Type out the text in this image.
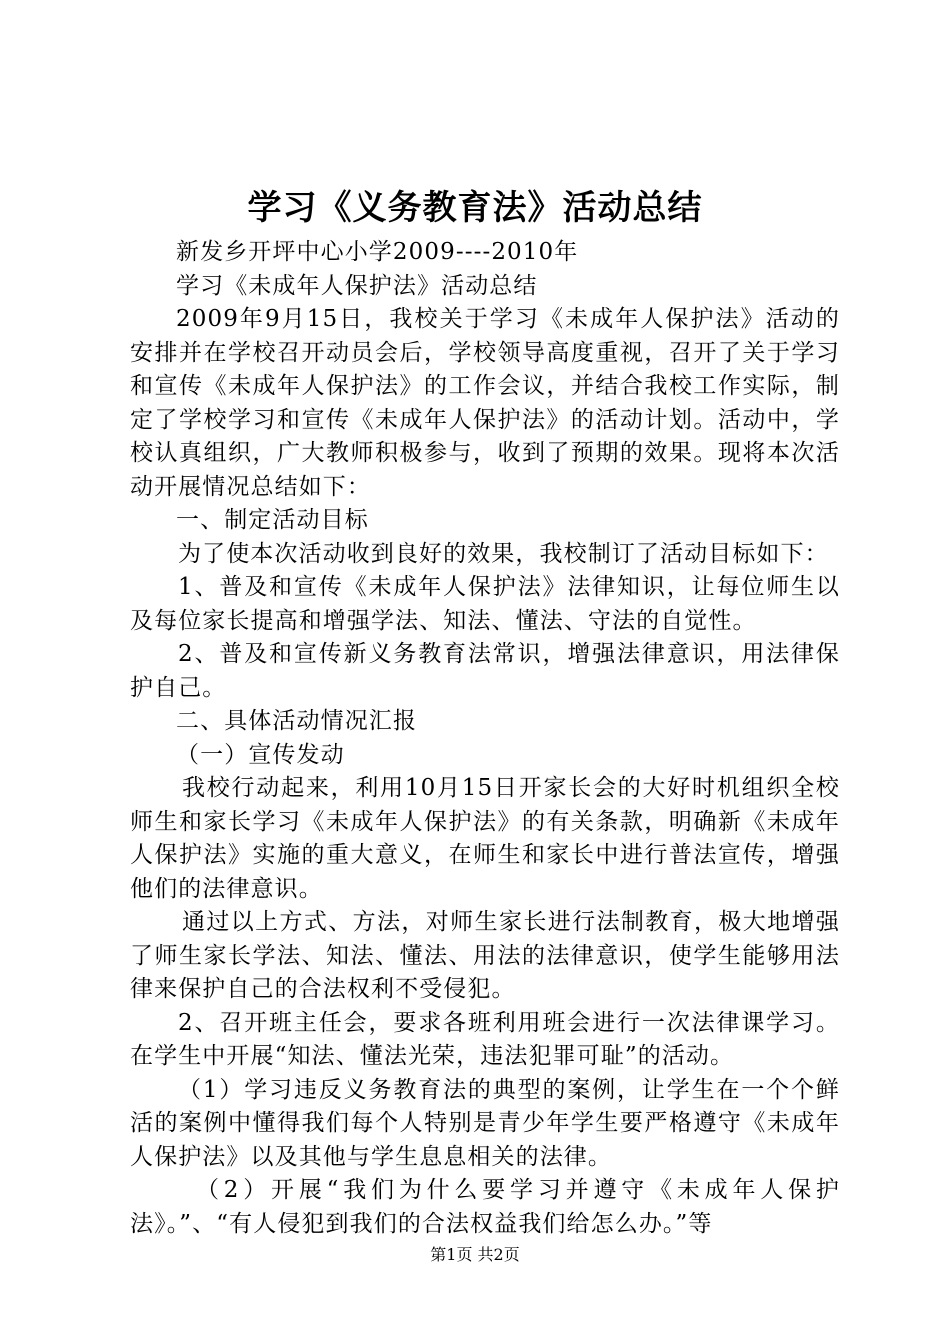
学习《义务教育法》活动总结

新发乡开坪中心小学2009----2010年

学习《未成年人保护法》活动总结

2009年9月15日，我校关于学习《未成年人保护法》活动的安排并在学校召开动员会后，学校领导高度重视，召开了关于学习和宣传《未成年人保护法》的工作会议，并结合我校工作实际，制定了学校学习和宣传《未成年人保护法》的活动计划。活动中，学校认真组织，广大教师积极参与，收到了预期的效果。现将本次活动开展情况总结如下：

一、制定活动目标

为了使本次活动收到良好的效果，我校制订了活动目标如下：

1、普及和宣传《未成年人保护法》法律知识，让每位师生以及每位家长提高和增强学法、知法、懂法、守法的自觉性。

2、普及和宣传新义务教育法常识，增强法律意识，用法律保护自己。

二、具体活动情况汇报

（一）宣传发动

我校行动起来，利用10月15日开家长会的大好时机组织全校师生和家长学习《未成年人保护法》的有关条款，明确新《未成年人保护法》实施的重大意义，在师生和家长中进行普法宣传，增强他们的法律意识。

通过以上方式、方法，对师生家长进行法制教育，极大地增强了师生家长学法、知法、懂法、用法的法律意识，使学生能够用法律来保护自己的合法权利不受侵犯。

2、召开班主任会，要求各班利用班会进行一次法律课学习。在学生中开展“知法、懂法光荣，违法犯罪可耻”的活动。

（1）学习违反义务教育法的典型的案例，让学生在一个个鲜活的案例中懂得我们每个人特别是青少年学生要严格遵守《未成年人保护法》以及其他与学生息息相关的法律。

（2）开展“我们为什么要学习并遵守《未成年人保护法》。”、“有人侵犯到我们的合法权益我们给怎么办。”等

第1页 共2页
